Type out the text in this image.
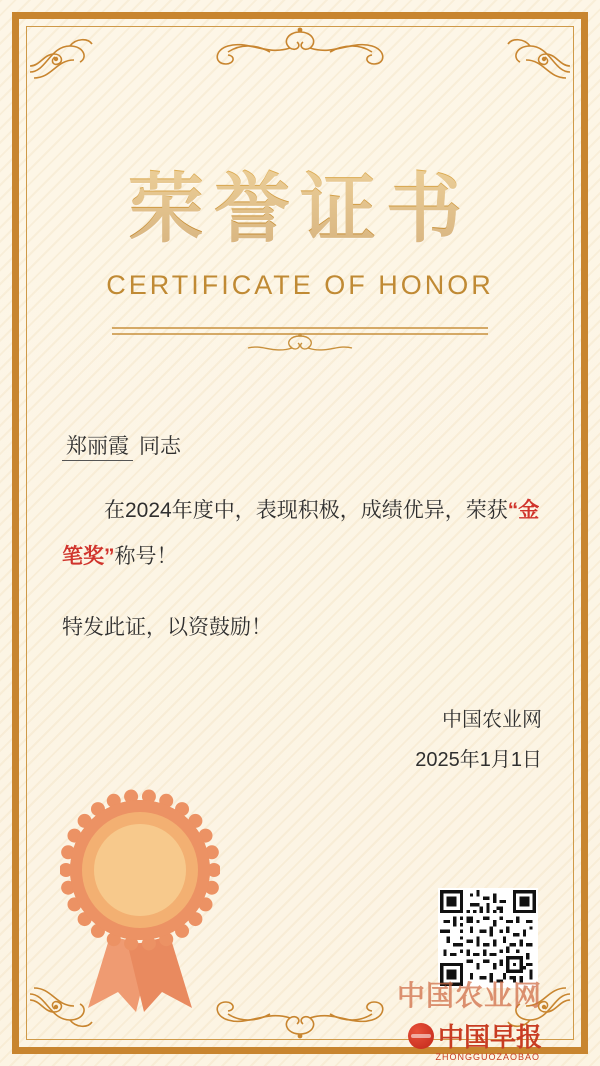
荣誉证书
CERTIFICATE OF HONOR
郑丽霞 同志

在2024年度中，表现积极，成绩优异，荣获“金笔奖”称号！

特发此证，以资鼓励！

中国农业网
2025年1月1日
中国农业网
中国早报
ZHONGGUOZAOBAO
